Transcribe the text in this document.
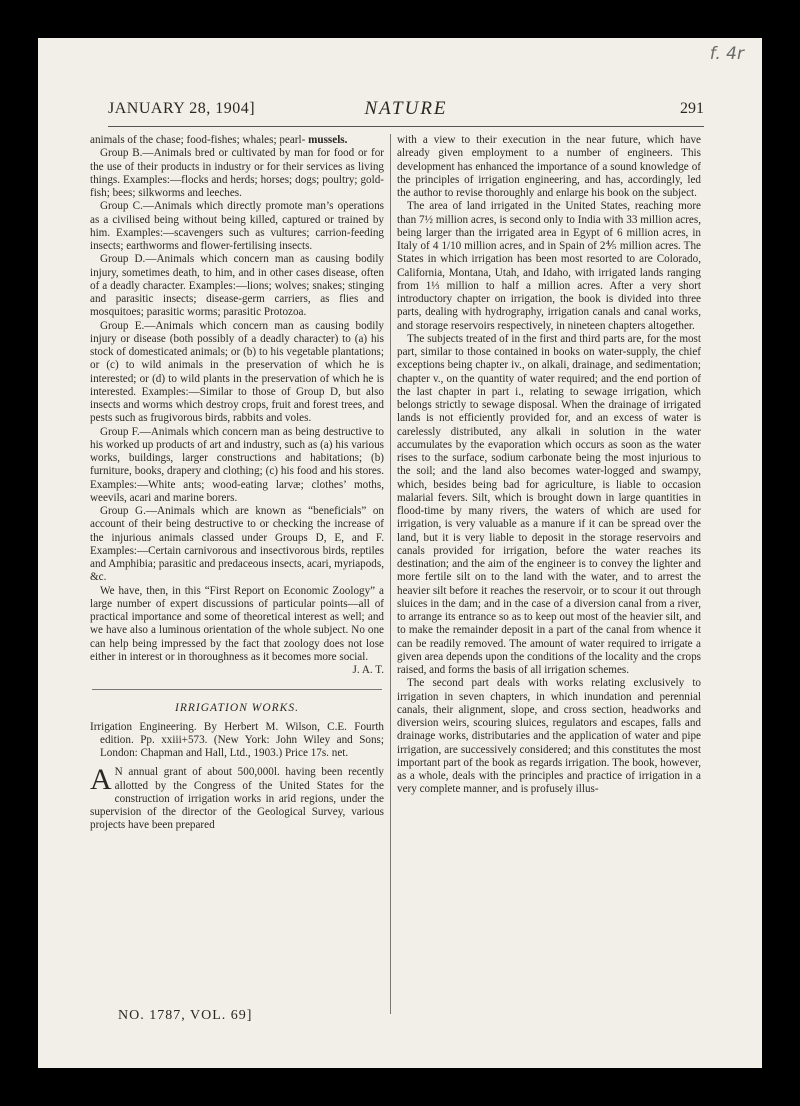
f. 4r
JANUARY 28, 1904]	NATURE	291

animals of the chase; food-fishes; whales; pearl- mussels.

Group B.—Animals bred or cultivated by man for food or for the use of their products in industry or for their services as living things. Examples:—flocks and herds; horses; dogs; poultry; gold-fish; bees; silkworms and leeches.

Group C.—Animals which directly promote man’s operations as a civilised being without being killed, captured or trained by him. Examples:—scavengers such as vultures; carrion-feeding insects; earthworms and flower-fertilising insects.

Group D.—Animals which concern man as causing bodily injury, sometimes death, to him, and in other cases disease, often of a deadly character. Examples:—lions; wolves; snakes; stinging and parasitic insects; disease-germ carriers, as flies and mosquitoes; parasitic worms; parasitic Protozoa.

Group E.—Animals which concern man as causing bodily injury or disease (both possibly of a deadly character) to (a) his stock of domesticated animals; or (b) to his vegetable plantations; or (c) to wild animals in the preservation of which he is interested; or (d) to wild plants in the preservation of which he is interested. Examples:—Similar to those of Group D, but also insects and worms which destroy crops, fruit and forest trees, and pests such as frugivorous birds, rabbits and voles.

Group F.—Animals which concern man as being destructive to his worked up products of art and industry, such as (a) his various works, buildings, larger constructions and habitations; (b) furniture, books, drapery and clothing; (c) his food and his stores. Examples:—White ants; wood-eating larvæ; clothes’ moths, weevils, acari and marine borers.

Group G.—Animals which are known as “beneficials” on account of their being destructive to or checking the increase of the injurious animals classed under Groups D, E, and F. Examples:—Certain carnivorous and insectivorous birds, reptiles and Amphibia; parasitic and predaceous insects, acari, myriapods, &c.

We have, then, in this “First Report on Economic Zoology” a large number of expert discussions of particular points—all of practical importance and some of theoretical interest as well; and we have also a luminous orientation of the whole subject. No one can help being impressed by the fact that zoology does not lose either in interest or in thoroughness as it becomes more social.

J. A. T.

IRRIGATION WORKS.

Irrigation Engineering. By Herbert M. Wilson, C.E. Fourth edition. Pp. xxiii+573. (New York: John Wiley and Sons; London: Chapman and Hall, Ltd., 1903.) Price 17s. net.

A N annual grant of about 500,000l. having been recently allotted by the Congress of the United States for the construction of irrigation works in arid regions, under the supervision of the director of the Geological Survey, various projects have been prepared

with a view to their execution in the near future, which have already given employment to a number of engineers. This development has enhanced the importance of a sound knowledge of the principles of irrigation engineering, and has, accordingly, led the author to revise thoroughly and enlarge his book on the subject.

The area of land irrigated in the United States, reaching more than 7½ million acres, is second only to India with 33 million acres, being larger than the irrigated area in Egypt of 6 million acres, in Italy of 4 1/10 million acres, and in Spain of 2⅘ million acres. The States in which irrigation has been most resorted to are Colorado, California, Montana, Utah, and Idaho, with irrigated lands ranging from 1⅓ million to half a million acres. After a very short introductory chapter on irrigation, the book is divided into three parts, dealing with hydrography, irrigation canals and canal works, and storage reservoirs respectively, in nineteen chapters altogether.

The subjects treated of in the first and third parts are, for the most part, similar to those contained in books on water-supply, the chief exceptions being chapter iv., on alkali, drainage, and sedimentation; chapter v., on the quantity of water required; and the end portion of the last chapter in part i., relating to sewage irrigation, which belongs strictly to sewage disposal. When the drainage of irrigated lands is not efficiently provided for, and an excess of water is carelessly distributed, any alkali in solution in the water accumulates by the evaporation which occurs as soon as the water rises to the surface, sodium carbonate being the most injurious to the soil; and the land also becomes water-logged and swampy, which, besides being bad for agriculture, is liable to occasion malarial fevers. Silt, which is brought down in large quantities in flood-time by many rivers, the waters of which are used for irrigation, is very valuable as a manure if it can be spread over the land, but it is very liable to deposit in the storage reservoirs and canals provided for irrigation, before the water reaches its destination; and the aim of the engineer is to convey the lighter and more fertile silt on to the land with the water, and to arrest the heavier silt before it reaches the reservoir, or to scour it out through sluices in the dam; and in the case of a diversion canal from a river, to arrange its entrance so as to keep out most of the heavier silt, and to make the remainder deposit in a part of the canal from whence it can be readily removed. The amount of water required to irrigate a given area depends upon the conditions of the locality and the crops raised, and forms the basis of all irrigation schemes.

The second part deals with works relating exclusively to irrigation in seven chapters, in which inundation and perennial canals, their alignment, slope, and cross section, headworks and diversion weirs, scouring sluices, regulators and escapes, falls and drainage works, distributaries and the application of water and pipe irrigation, are successively considered; and this constitutes the most important part of the book as regards irrigation. The book, however, as a whole, deals with the principles and practice of irrigation in a very complete manner, and is profusely illus-

NO. 1787, VOL. 69]
